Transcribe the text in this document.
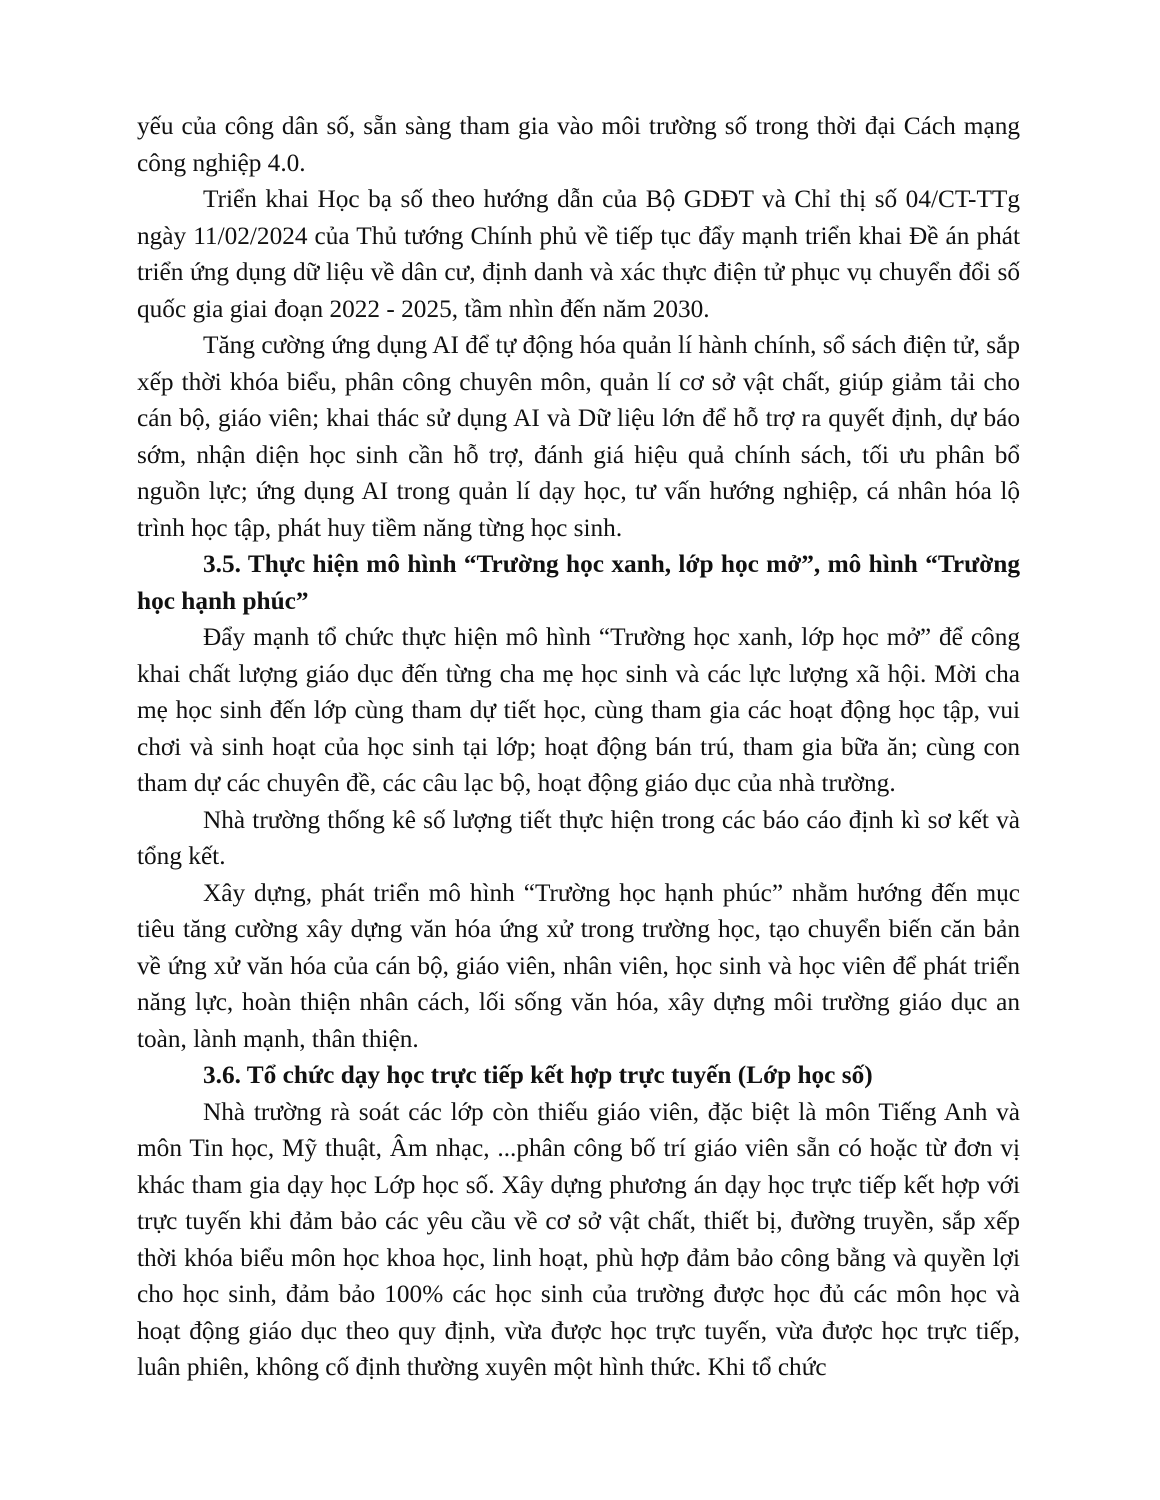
yếu của công dân số, sẵn sàng tham gia vào môi trường số trong thời đại Cách mạng công nghiệp 4.0.

Triển khai Học bạ số theo hướng dẫn của Bộ GDĐT và Chỉ thị số 04/CT-TTg ngày 11/02/2024 của Thủ tướng Chính phủ về tiếp tục đẩy mạnh triển khai Đề án phát triển ứng dụng dữ liệu về dân cư, định danh và xác thực điện tử phục vụ chuyển đổi số quốc gia giai đoạn 2022 - 2025, tầm nhìn đến năm 2030.

Tăng cường ứng dụng AI để tự động hóa quản lí hành chính, sổ sách điện tử, sắp xếp thời khóa biểu, phân công chuyên môn, quản lí cơ sở vật chất, giúp giảm tải cho cán bộ, giáo viên; khai thác sử dụng AI và Dữ liệu lớn để hỗ trợ ra quyết định, dự báo sớm, nhận diện học sinh cần hỗ trợ, đánh giá hiệu quả chính sách, tối ưu phân bổ nguồn lực; ứng dụng AI trong quản lí dạy học, tư vấn hướng nghiệp, cá nhân hóa lộ trình học tập, phát huy tiềm năng từng học sinh.

3.5. Thực hiện mô hình “Trường học xanh, lớp học mở”, mô hình “Trường học hạnh phúc”

Đẩy mạnh tổ chức thực hiện mô hình “Trường học xanh, lớp học mở” để công khai chất lượng giáo dục đến từng cha mẹ học sinh và các lực lượng xã hội. Mời cha mẹ học sinh đến lớp cùng tham dự tiết học, cùng tham gia các hoạt động học tập, vui chơi và sinh hoạt của học sinh tại lớp; hoạt động bán trú, tham gia bữa ăn; cùng con tham dự các chuyên đề, các câu lạc bộ, hoạt động giáo dục của nhà trường.

Nhà trường thống kê số lượng tiết thực hiện trong các báo cáo định kì sơ kết và tổng kết.

Xây dựng, phát triển mô hình “Trường học hạnh phúc” nhằm hướng đến mục tiêu tăng cường xây dựng văn hóa ứng xử trong trường học, tạo chuyển biến căn bản về ứng xử văn hóa của cán bộ, giáo viên, nhân viên, học sinh và học viên để phát triển năng lực, hoàn thiện nhân cách, lối sống văn hóa, xây dựng môi trường giáo dục an toàn, lành mạnh, thân thiện.

3.6. Tổ chức dạy học trực tiếp kết hợp trực tuyến (Lớp học số)

Nhà trường rà soát các lớp còn thiếu giáo viên, đặc biệt là môn Tiếng Anh và môn Tin học, Mỹ thuật, Âm nhạc, ...phân công bố trí giáo viên sẵn có hoặc từ đơn vị khác tham gia dạy học Lớp học số. Xây dựng phương án dạy học trực tiếp kết hợp với trực tuyến khi đảm bảo các yêu cầu về cơ sở vật chất, thiết bị, đường truyền, sắp xếp thời khóa biểu môn học khoa học, linh hoạt, phù hợp đảm bảo công bằng và quyền lợi cho học sinh, đảm bảo 100% các học sinh của trường được học đủ các môn học và hoạt động giáo dục theo quy định, vừa được học trực tuyến, vừa được học trực tiếp, luân phiên, không cố định thường xuyên một hình thức. Khi tổ chức
